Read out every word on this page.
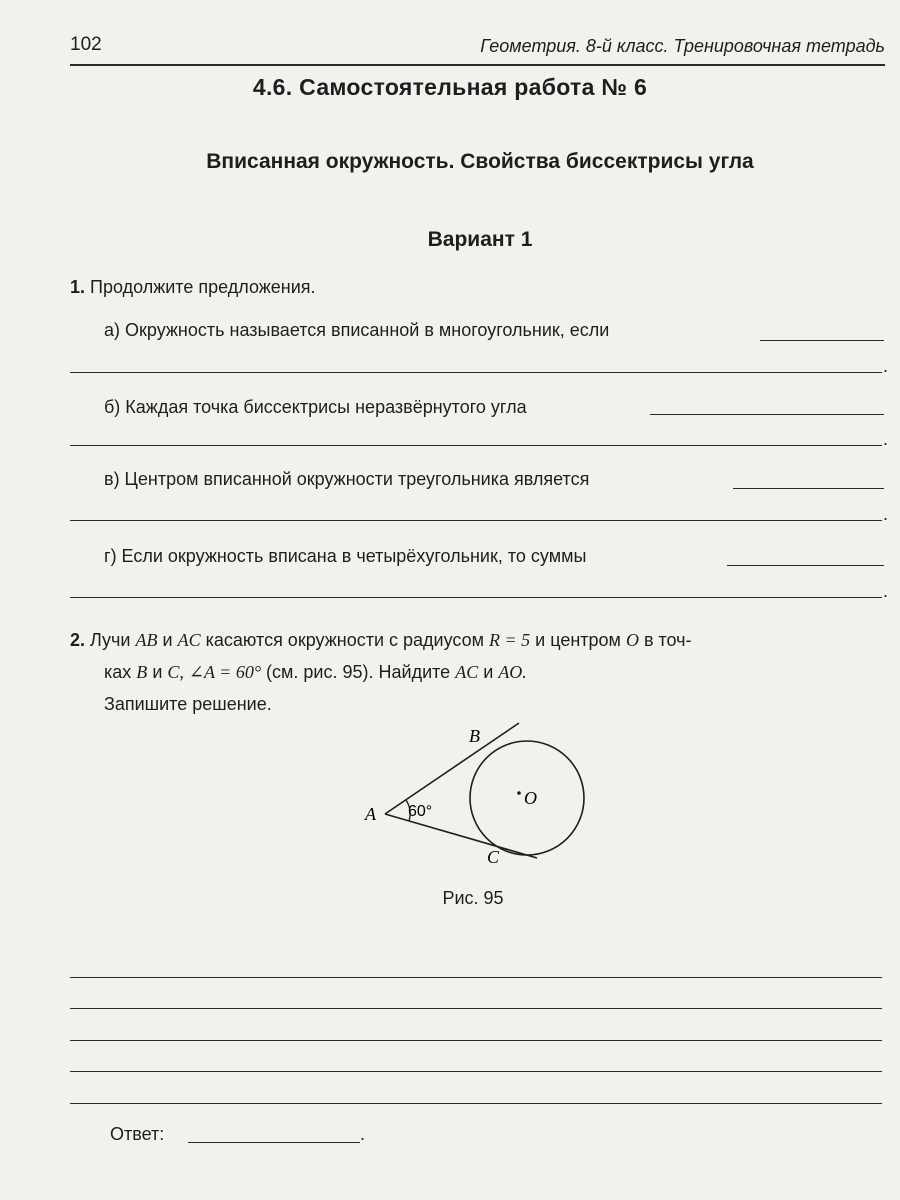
102	Геометрия. 8-й класс. Тренировочная тетрадь
4.6. Самостоятельная работа № 6
Вписанная окружность. Свойства биссектрисы угла
Вариант 1
1. Продолжите предложения.
а) Окружность называется вписанной в многоугольник, если
.
б) Каждая точка биссектрисы неразвёрнутого угла
.
в) Центром вписанной окружности треугольника является
.
г) Если окружность вписана в четырёхугольник, то суммы
.
2. Лучи AB и AC касаются окружности с радиусом R = 5 и центром O в точ-
ках B и C, ∠A = 60° (см. рис. 95). Найдите AC и AO.
Запишите решение.
A
B
C
O
60°
Рис. 95
Ответ:	.
